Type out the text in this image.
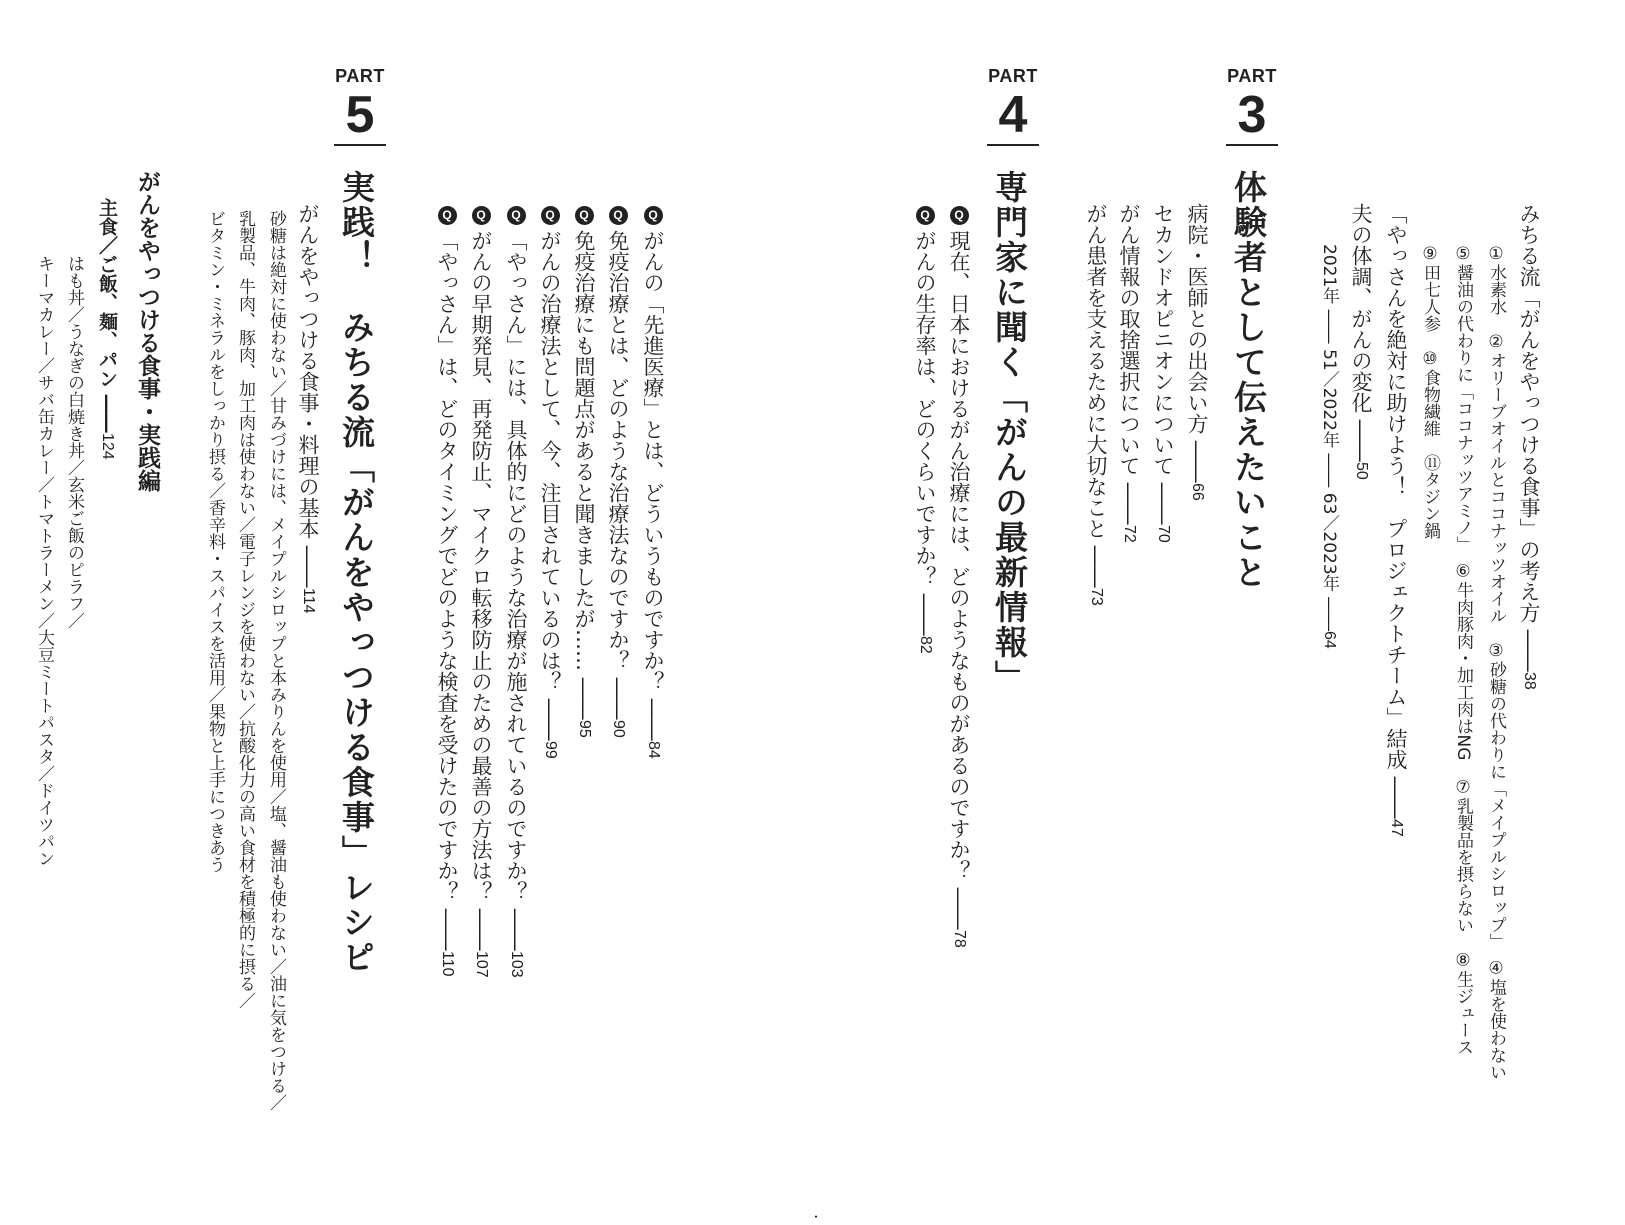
PART
3
みちる流「がんをやっつける食事」の考え方 ――38
①水素水　②オリーブオイルとココナッツオイル　③砂糖の代わりに「メイプルシロップ」　④塩を使わない
⑤醤油の代わりに「ココナッツアミノ」　⑥牛肉豚肉・加工肉はNG　⑦乳製品を摂らない　⑧生ジュース
⑨田七人参　⑩食物繊維　⑪タジン鍋
「やっさんを絶対に助けよう！　プロジェクトチーム」結成 ――47
夫の体調、がんの変化 ――50
2021年 ―― 51／2022年 ―― 63／2023年 ――64
体験者として伝えたいこと
病院・医師との出会い方 ――66
セカンドオピニオンについて ――70
がん情報の取捨選択について ――72
がん患者を支えるために大切なこと ――73
PART
4
専門家に聞く「がんの最新情報」
Q現在、日本におけるがん治療には、どのようなものがあるのですか？ ――78
Qがんの生存率は、どのくらいですか？ ――82
Qがんの「先進医療」とは、どういうものですか？ ――84
Q免疫治療とは、どのような治療法なのですか？ ――90
Q免疫治療にも問題点があると聞きましたが…… ――95
Qがんの治療法として、今、注目されているのは？ ――99
Q「やっさん」には、具体的にどのような治療が施されているのですか？ ――103
Qがんの早期発見、再発防止、マイクロ転移防止のための最善の方法は？ ――107
Q「やっさん」は、どのタイミングでどのような検査を受けたのですか？ ――110
PART
5
実践！　みちる流「がんをやっつける食事」レシピ
がんをやっつける食事・料理の基本 ――114
砂糖は絶対に使わない／甘みづけには、メイプルシロップと本みりんを使用／塩、醤油も使わない／油に気をつける／
乳製品、牛肉、豚肉、加工肉は使わない／電子レンジを使わない／抗酸化力の高い食材を積極的に摂る／
ビタミン・ミネラルをしっかり摂る／香辛料・スパイスを活用／果物と上手につきあう
がんをやっつける食事・実践編
主食／ご飯、麺、パン ――124
はも丼／うなぎの白焼き丼／玄米ご飯のピラフ／
キーマカレー／サバ缶カレー／トマトラーメン／大豆ミートパスタ／ドイツパン
・
